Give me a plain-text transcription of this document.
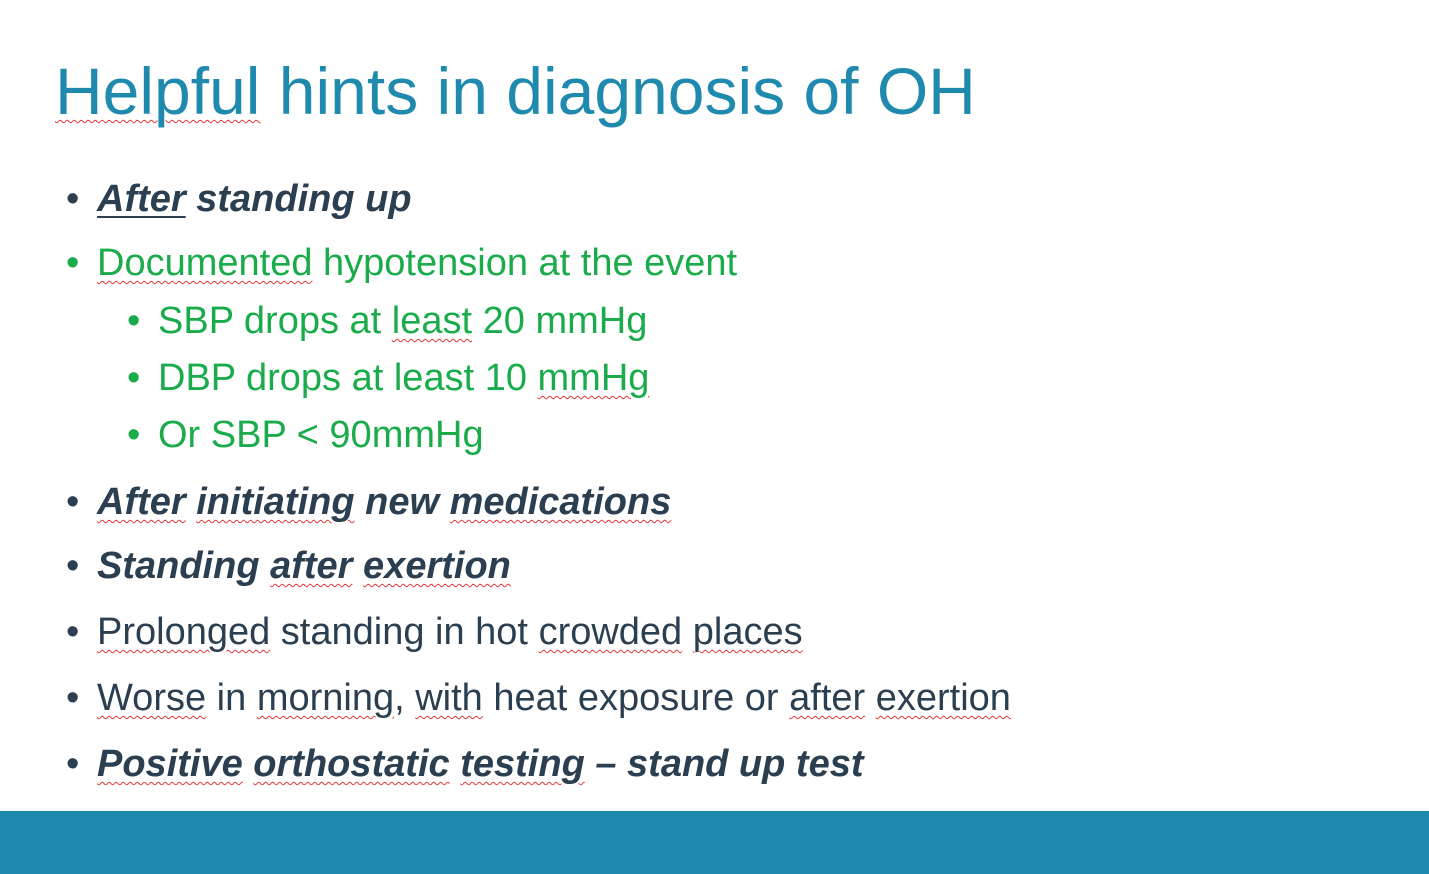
Helpful hints in diagnosis of OH
• After standing up
• Documented hypotension at the event
• SBP drops at least 20 mmHg
• DBP drops at least 10 mmHg
• Or SBP < 90mmHg
• After initiating new medications
• Standing after exertion
• Prolonged standing in hot crowded places
• Worse in morning, with heat exposure or after exertion
• Positive orthostatic testing – stand up test
